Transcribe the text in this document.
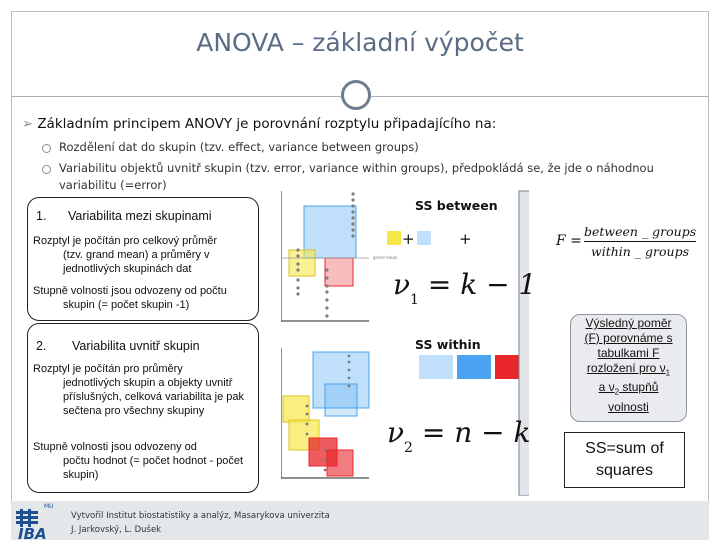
ANOVA – základní výpočet
➢ Základním principem ANOVY je porovnání rozptylu připadajícího na:
Rozdělení dat do skupin (tzv. effect, variance between groups)
Variabilitu objektů uvnitř skupin (tzv. error, variance within groups), předpokládá se, že jde o náhodnou variabilitu (=error)
1. Variabilita mezi skupinami
Rozptyl je počítán pro celkový průměr
(tzv. grand mean) a průměry v jednotlivých skupinách dat
Stupně volnosti jsou odvozeny od počtu
skupin (= počet skupin -1)
2. Variabilita uvnitř skupin
Rozptyl je počítán pro průměry
jednotlivých skupin a objekty uvnitř příslušných, celková variabilita je pak sečtena pro všechny skupiny
Stupně volnosti jsou odvozeny od
počtu hodnot (= počet hodnot - počet skupin)
grand mean
+	+
SS between
SS within
$\nu_1 = k - 1$
$\nu_2 = n - k$
F =
between _ groups
within _ groups
Výsledný poměr
(F) porovnáme s
tabulkami F
rozložení pro $\nu_1$
a $\nu_2$ stupňů
volnosti
SS=sum of
squares
MU
IBA
Vytvořil Institut biostatistiky a analýz, Masarykova univerzita
J. Jarkovský, L. Dušek
